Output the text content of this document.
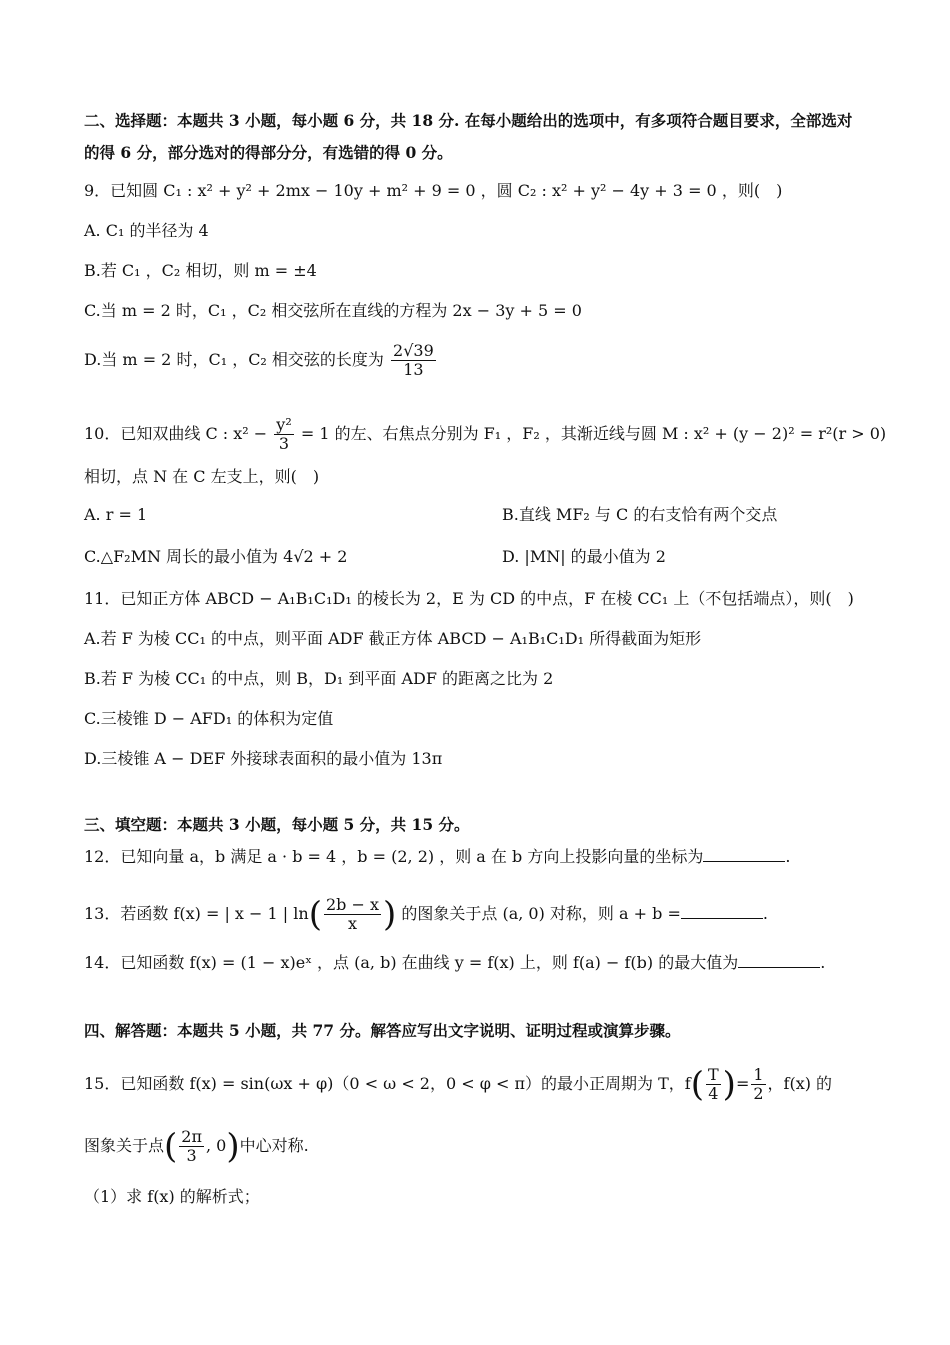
二、选择题：本题共 3 小题，每小题 6 分，共 18 分. 在每小题给出的选项中，有多项符合题目要求，全部选对
的得 6 分，部分选对的得部分分，有选错的得 0 分。
9．已知圆 C₁ : x² + y² + 2mx − 10y + m² + 9 = 0 ，圆 C₂ : x² + y² − 4y + 3 = 0 ，则(　)
A. C₁ 的半径为 4
B.若 C₁ ，C₂ 相切，则 m = ±4
C.当 m = 2 时，C₁ ，C₂ 相交弦所在直线的方程为 2x − 3y + 5 = 0
D.当 m = 2 时，C₁ ，C₂ 相交弦的长度为 $\frac{2√39}{13}$
10．已知双曲线 C : $x^2 - \frac{\text{y²}}{3} = 1$ 的左、右焦点分别为 F₁ ，F₂ ，其渐近线与圆 M : x² + (y − 2)² = r²(r > 0)
相切，点 N 在 C 左支上，则(　)
A. r = 1	B.直线 MF₂ 与 C 的右支恰有两个交点
C.△F₂MN 周长的最小值为 4√2 + 2	D. |MN| 的最小值为 2
11．已知正方体 ABCD − A₁B₁C₁D₁ 的棱长为 2，E 为 CD 的中点，F 在棱 CC₁ 上（不包括端点），则(　)
A.若 F 为棱 CC₁ 的中点，则平面 ADF 截正方体 ABCD − A₁B₁C₁D₁ 所得截面为矩形
B.若 F 为棱 CC₁ 的中点，则 B，D₁ 到平面 ADF 的距离之比为 2
C.三棱锥 D − AFD₁ 的体积为定值
D.三棱锥 A − DEF 外接球表面积的最小值为 13π
三、填空题：本题共 3 小题，每小题 5 分，共 15 分。
12．已知向量 a，b 满足 a · b = 4 ，b = (2, 2) ，则 a 在 b 方向上投影向量的坐标为	.
13．若函数 f(x) = | x − 1 | $\ln( \frac{2b - x}{x}$ ) 的图象关于点 (a, 0) 对称，则 a + b =	.
14．已知函数 f(x) = (1 − x)eˣ ，点 (a, b) 在曲线 y = f(x) 上，则 f(a) − f(b) 的最大值为	.
四、解答题：本题共 5 小题，共 77 分。解答应写出文字说明、证明过程或演算步骤。
15．已知函数 f(x) = sin(ωx + φ)（0 < ω < 2，0 < φ < π）的最小正周期为 T，$f( \frac{T}{4}$ )= $\frac{1}{2}$ ，f(x) 的
图象关于点( $\frac{2\pi}{3}$ , 0)中心对称.
（1）求 f(x) 的解析式；
